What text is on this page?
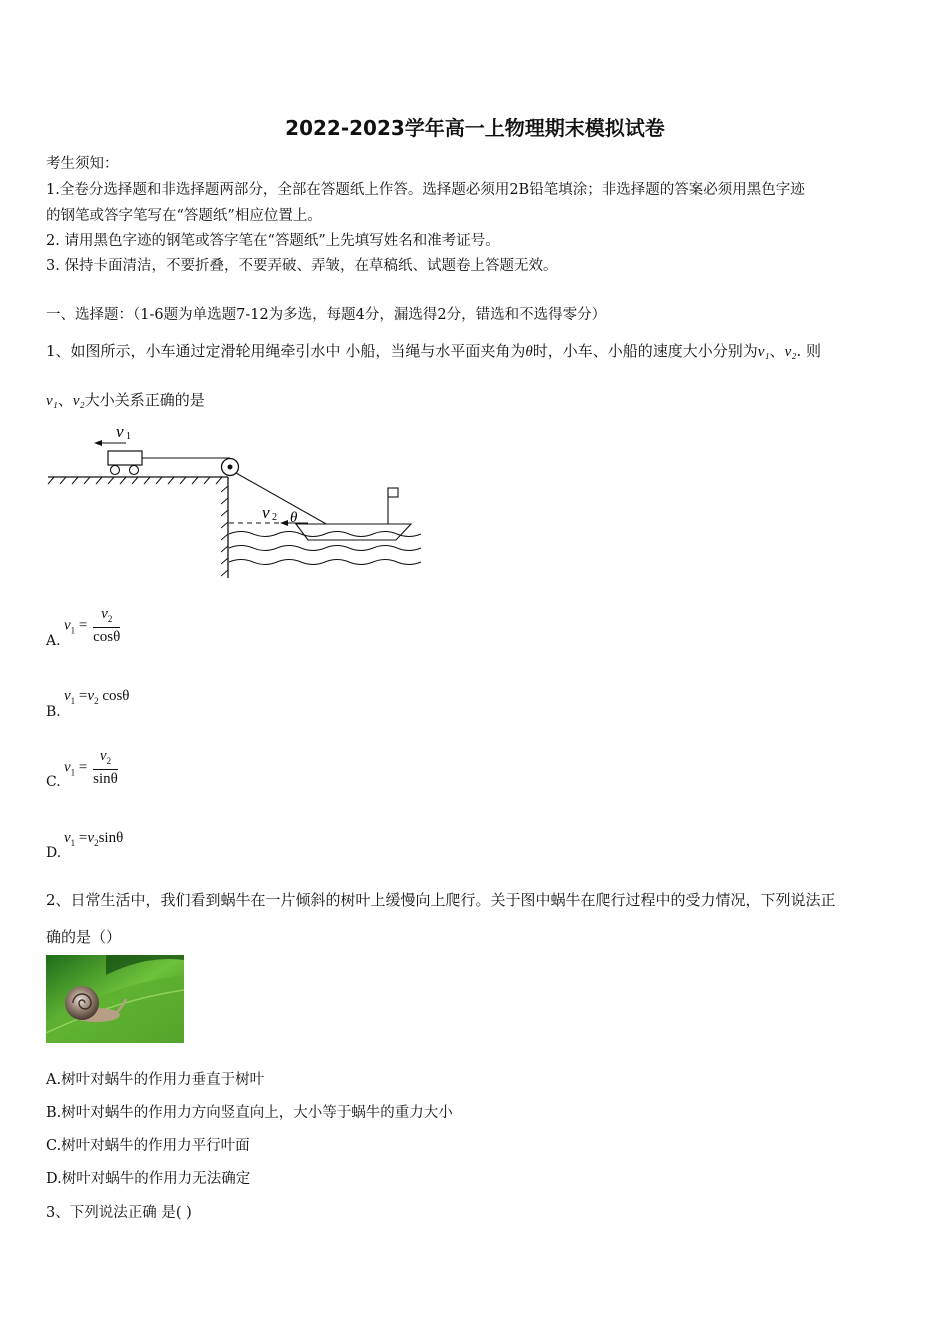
2022-2023学年高一上物理期末模拟试卷
考生须知：
1.全卷分选择题和非选择题两部分，全部在答题纸上作答。选择题必须用2B铅笔填涂；非选择题的答案必须用黑色字迹
的钢笔或答字笔写在“答题纸”相应位置上。
2. 请用黑色字迹的钢笔或答字笔在“答题纸”上先填写姓名和准考证号。
3. 保持卡面清洁，不要折叠，不要弄破、弄皱，在草稿纸、试题卷上答题无效。
一、选择题：（1-6题为单选题7-12为多选，每题4分，漏选得2分，错选和不选得零分）
1、如图所示，小车通过定滑轮用绳牵引水中 小船，当绳与水平面夹角为θ时，小车、小船的速度大小分别为v₁、v₂. 则
v₁、v₂大小关系正确的是
v 1
v 2 θ
A.
$v_1 = \frac{v_2}{\cos\theta}$
B.
$v_1 =v_2$ cosθ
C.
$v_1 = \frac{v_2}{\sin\theta}$
D.
$v_1 =v_2\sin\theta$
2、日常生活中，我们看到蜗牛在一片倾斜的树叶上缓慢向上爬行。关于图中蜗牛在爬行过程中的受力情况，下列说法正
确的是（）
A.树叶对蜗牛的作用力垂直于树叶
B.树叶对蜗牛的作用力方向竖直向上，大小等于蜗牛的重力大小
C.树叶对蜗牛的作用力平行叶面
D.树叶对蜗牛的作用力无法确定
3、下列说法正确 是( )
